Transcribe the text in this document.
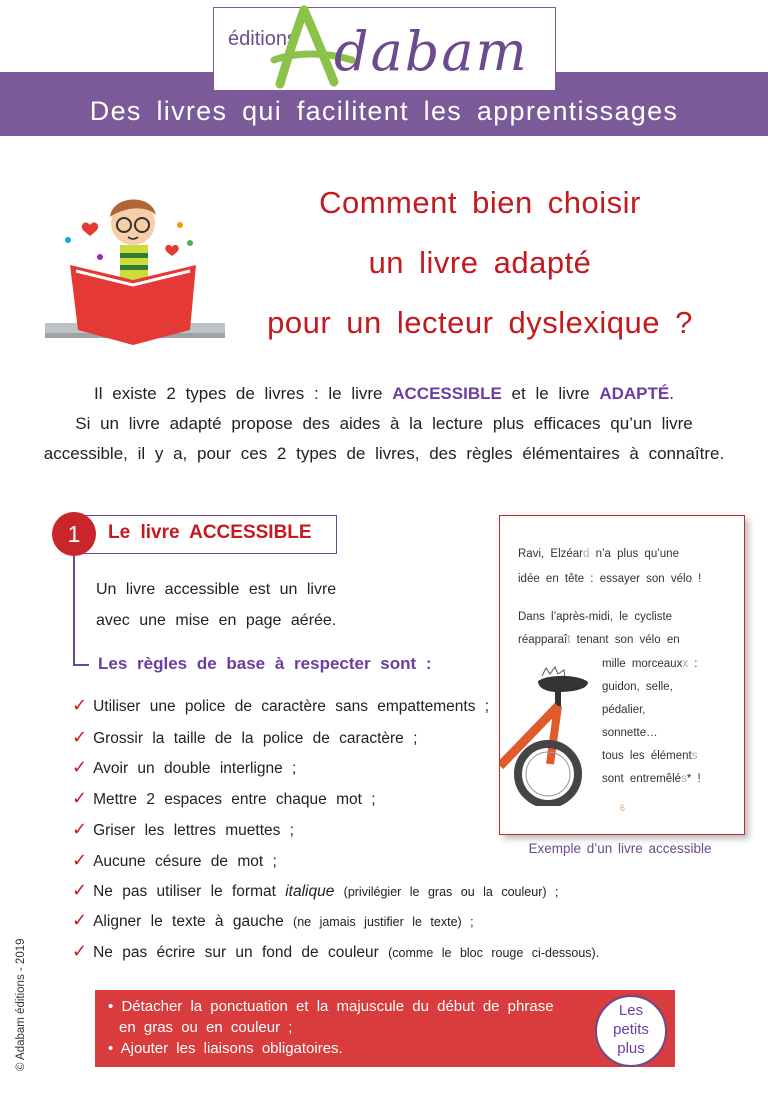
éditions dabam
Des livres qui facilitent les apprentissages
Comment bien choisir
un livre adapté
pour un lecteur dyslexique ?
Il existe 2 types de livres : le livre ACCESSIBLE et le livre ADAPTÉ.
Si un livre adapté propose des aides à la lecture plus efficaces qu’un livre
accessible, il y a, pour ces 2 types de livres, des règles élémentaires à connaître.
1	Le livre ACCESSIBLE
Un livre accessible est un livre
avec une mise en page aérée.
Les règles de base à respecter sont :
✓ Utiliser une police de caractère sans empattements ;
✓ Grossir la taille de la police de caractère ;
✓ Avoir un double interligne ;
✓ Mettre 2 espaces entre chaque mot ;
✓ Griser les lettres muettes ;
✓ Aucune césure de mot ;
✓ Ne pas utiliser le format italique (privilégier le gras ou la couleur) ;
✓ Aligner le texte à gauche (ne jamais justifier le texte) ;
✓ Ne pas écrire sur un fond de couleur (comme le bloc rouge ci-dessous).
Ravi, Elzéard n’a plus qu’une
idée en tête : essayer son vélo !
Dans l’après-midi, le cycliste
réapparaît tenant son vélo en
mille morceauxx :
guidon, selle,
pédalier,
sonnette…
tous les éléments
sont entremêlés* !
6
Exemple d’un livre accessible
© Adabam éditions - 2019	• Détacher la ponctuation et la majuscule du début de phrase
en gras ou en couleur ;
• Ajouter les liaisons obligatoires.
Les
petits
plus
